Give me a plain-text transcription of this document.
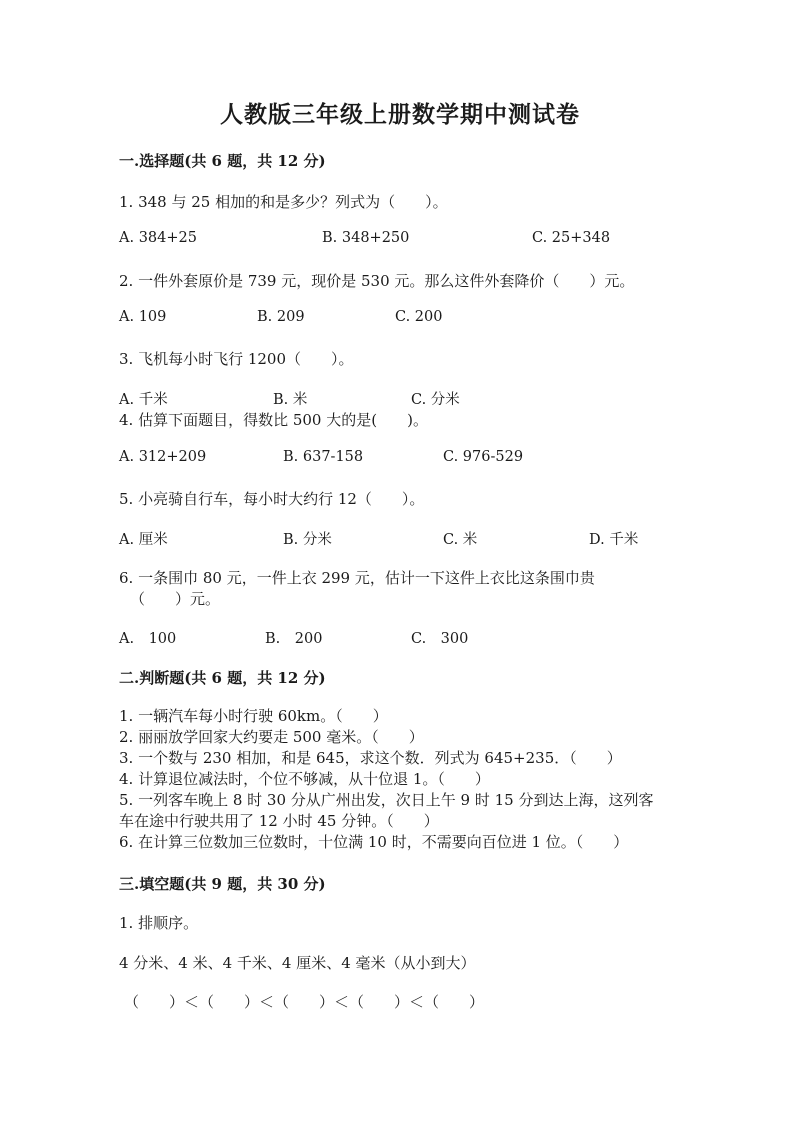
人教版三年级上册数学期中测试卷
一.选择题(共 6 题，共 12 分)
1. 348 与 25 相加的和是多少？列式为（　　）。
A. 384+25	B. 348+250	C. 25+348
2. 一件外套原价是 739 元，现价是 530 元。那么这件外套降价（　　）元。
A. 109	B. 209	C. 200
3. 飞机每小时飞行 1200（　　）。
A. 千米	B. 米	C. 分米
4. 估算下面题目，得数比 500 大的是(　　)。
A. 312+209	B. 637-158	C. 976-529
5. 小亮骑自行车，每小时大约行 12（　　）。
A. 厘米	B. 分米	C. 米	D. 千米
6. 一条围巾 80 元，一件上衣 299 元，估计一下这件上衣比这条围巾贵
（　　）元。
A.　100	B.　200	C.　300
二.判断题(共 6 题，共 12 分)
1. 一辆汽车每小时行驶 60km。（　　）
2. 丽丽放学回家大约要走 500 毫米。（　　）
3. 一个数与 230 相加，和是 645，求这个数．列式为 645+235．（　　）
4. 计算退位减法时，个位不够减，从十位退 1。（　　）
5. 一列客车晚上 8 时 30 分从广州出发，次日上午 9 时 15 分到达上海，这列客
车在途中行驶共用了 12 小时 45 分钟。（　　）
6. 在计算三位数加三位数时，十位满 10 时，不需要向百位进 1 位。（　　）
三.填空题(共 9 题，共 30 分)
1. 排顺序。
4 分米、4 米、4 千米、4 厘米、4 毫米（从小到大）
（　　）＜（　　）＜（　　）＜（　　）＜（　　）
